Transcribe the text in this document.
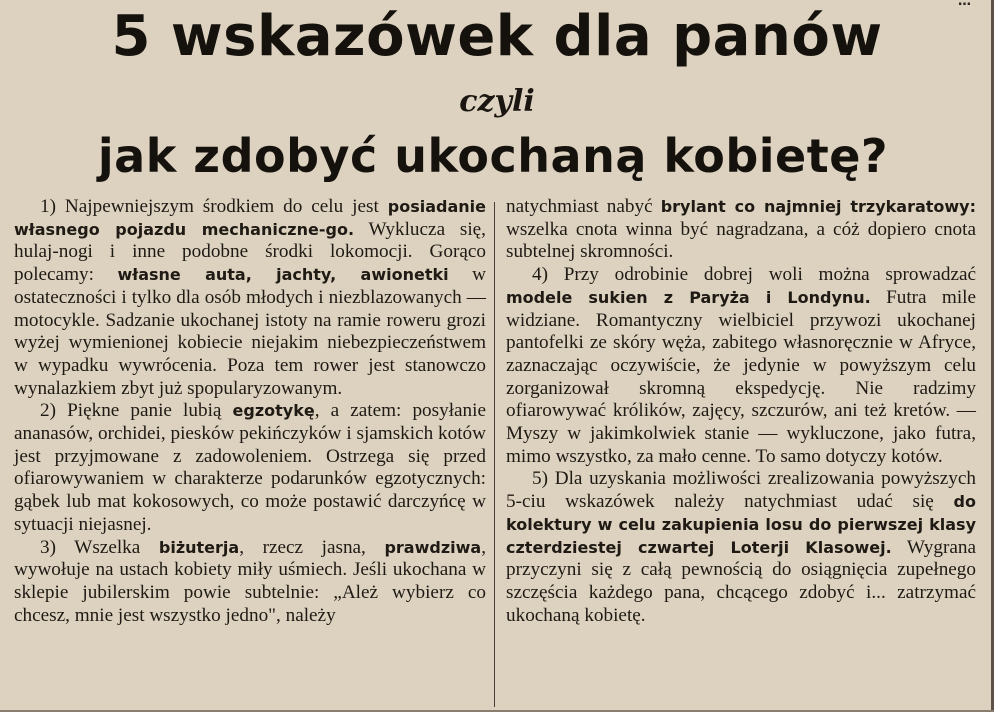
…
5 wskazówek dla panów
czyli
jak zdobyć ukochaną kobietę?

1) Najpewniejszym środkiem do celu jest posiadanie własnego pojazdu mechaniczne-go. Wyklucza się, hulaj-nogi i inne podobne środki lokomocji. Gorąco polecamy: własne auta, jachty, awionetki w ostateczności i tylko dla osób młodych i niezblazowanych — motocykle. Sadzanie ukochanej istoty na ramie roweru grozi wyżej wymienionej kobiecie niejakim niebezpieczeństwem w wypadku wywrócenia. Poza tem rower jest stanowczo wynalazkiem zbyt już spopularyzowanym.

2) Piękne panie lubią egzotykę, a zatem: posyłanie ananasów, orchidei, piesków pekińczyków i sjamskich kotów jest przyjmowane z zadowoleniem. Ostrzega się przed ofiarowywaniem w charakterze podarunków egzotycznych: gąbek lub mat kokosowych, co może postawić darczyńcę w sytuacji niejasnej.

3) Wszelka biżuterja, rzecz jasna, prawdziwa, wywołuje na ustach kobiety miły uśmiech. Jeśli ukochana w sklepie jubilerskim powie subtelnie: „Ależ wybierz co chcesz, mnie jest wszystko jedno", należy

natychmiast nabyć brylant co najmniej trzykaratowy: wszelka cnota winna być nagradzana, a cóż dopiero cnota subtelnej skromności.

4) Przy odrobinie dobrej woli można sprowadzać modele sukien z Paryża i Londynu. Futra mile widziane. Romantyczny wielbiciel przywozi ukochanej pantofelki ze skóry węża, zabitego własnoręcznie w Afryce, zaznaczając oczywiście, że jedynie w powyższym celu zorganizował skromną ekspedycję. Nie radzimy ofiarowywać królików, zajęcy, szczurów, ani też kretów. — Myszy w jakimkolwiek stanie — wykluczone, jako futra, mimo wszystko, za mało cenne. To samo dotyczy kotów.

5) Dla uzyskania możliwości zrealizowania powyższych 5-ciu wskazówek należy natychmiast udać się do kolektury w celu zakupienia losu do pierwszej klasy czterdziestej czwartej Loterji Klasowej. Wygrana przyczyni się z całą pewnością do osiągnięcia zupełnego szczęścia każdego pana, chcącego zdobyć i... zatrzymać ukochaną kobietę.
